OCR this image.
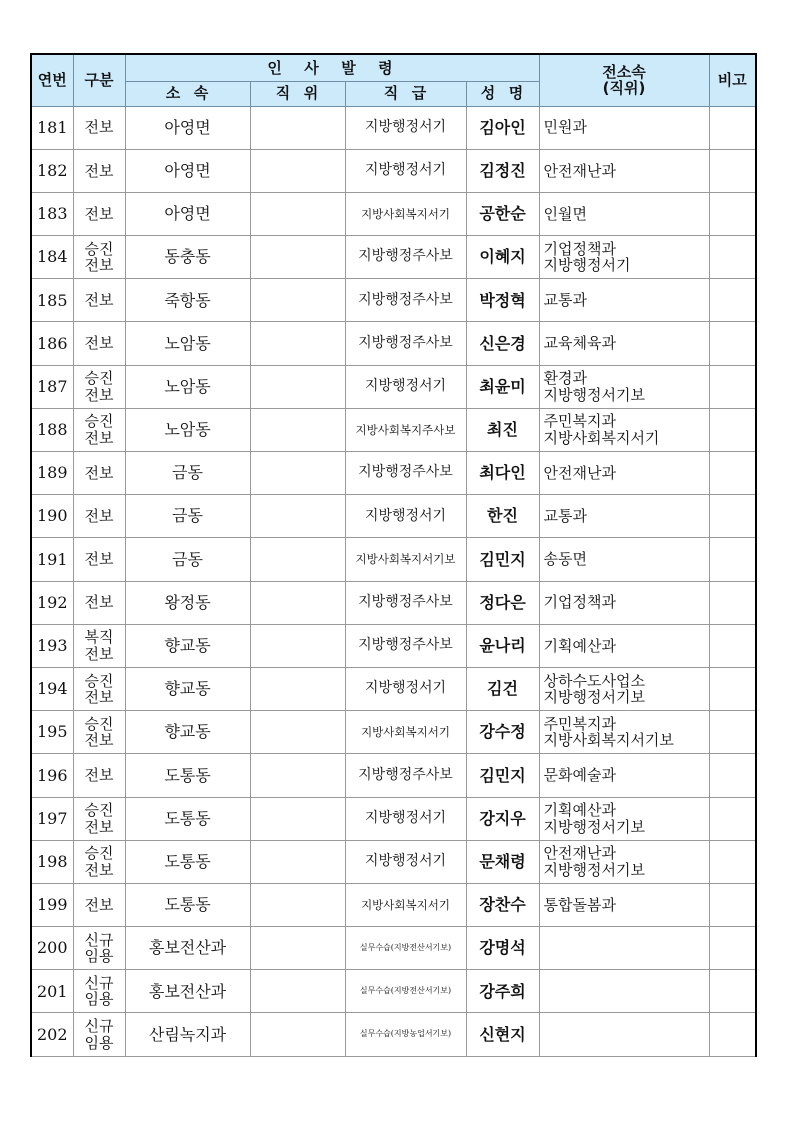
연번	구분	인  사  발  령				전소속
(직위)	비고
		소  속	직  위	직  급	성  명		
181	전보	아영면		지방행정서기	김아인	민원과	

182	전보	아영면		지방행정서기	김정진	안전재난과	

183	전보	아영면		지방사회복지서기	공한순	인월면	

184	승진
전보	동충동		지방행정주사보	이혜지	기업정책과
지방행정서기	

185	전보	죽항동		지방행정주사보	박정혁	교통과	

186	전보	노암동		지방행정주사보	신은경	교육체육과	

187	승진
전보	노암동		지방행정서기	최윤미	환경과
지방행정서기보	

188	승진
전보	노암동		지방사회복지주사보	최진	주민복지과
지방사회복지서기	

189	전보	금동		지방행정주사보	최다인	안전재난과	

190	전보	금동		지방행정서기	한진	교통과	

191	전보	금동		지방사회복지서기보	김민지	송동면	

192	전보	왕정동		지방행정주사보	정다은	기업정책과	

193	복직
전보	향교동		지방행정주사보	윤나리	기획예산과	

194	승진
전보	향교동		지방행정서기	김건	상하수도사업소
지방행정서기보	

195	승진
전보	향교동		지방사회복지서기	강수정	주민복지과
지방사회복지서기보	

196	전보	도통동		지방행정주사보	김민지	문화예술과	

197	승진
전보	도통동		지방행정서기	강지우	기획예산과
지방행정서기보	

198	승진
전보	도통동		지방행정서기	문채령	안전재난과
지방행정서기보	

199	전보	도통동		지방사회복지서기	장찬수	통합돌봄과	

200	신규
임용	홍보전산과		실무수습(지방전산서기보)	강명석		
201	신규
임용	홍보전산과		실무수습(지방전산서기보)	강주희		
202	신규
임용	산림녹지과		실무수습(지방농업서기보)	신현지		
